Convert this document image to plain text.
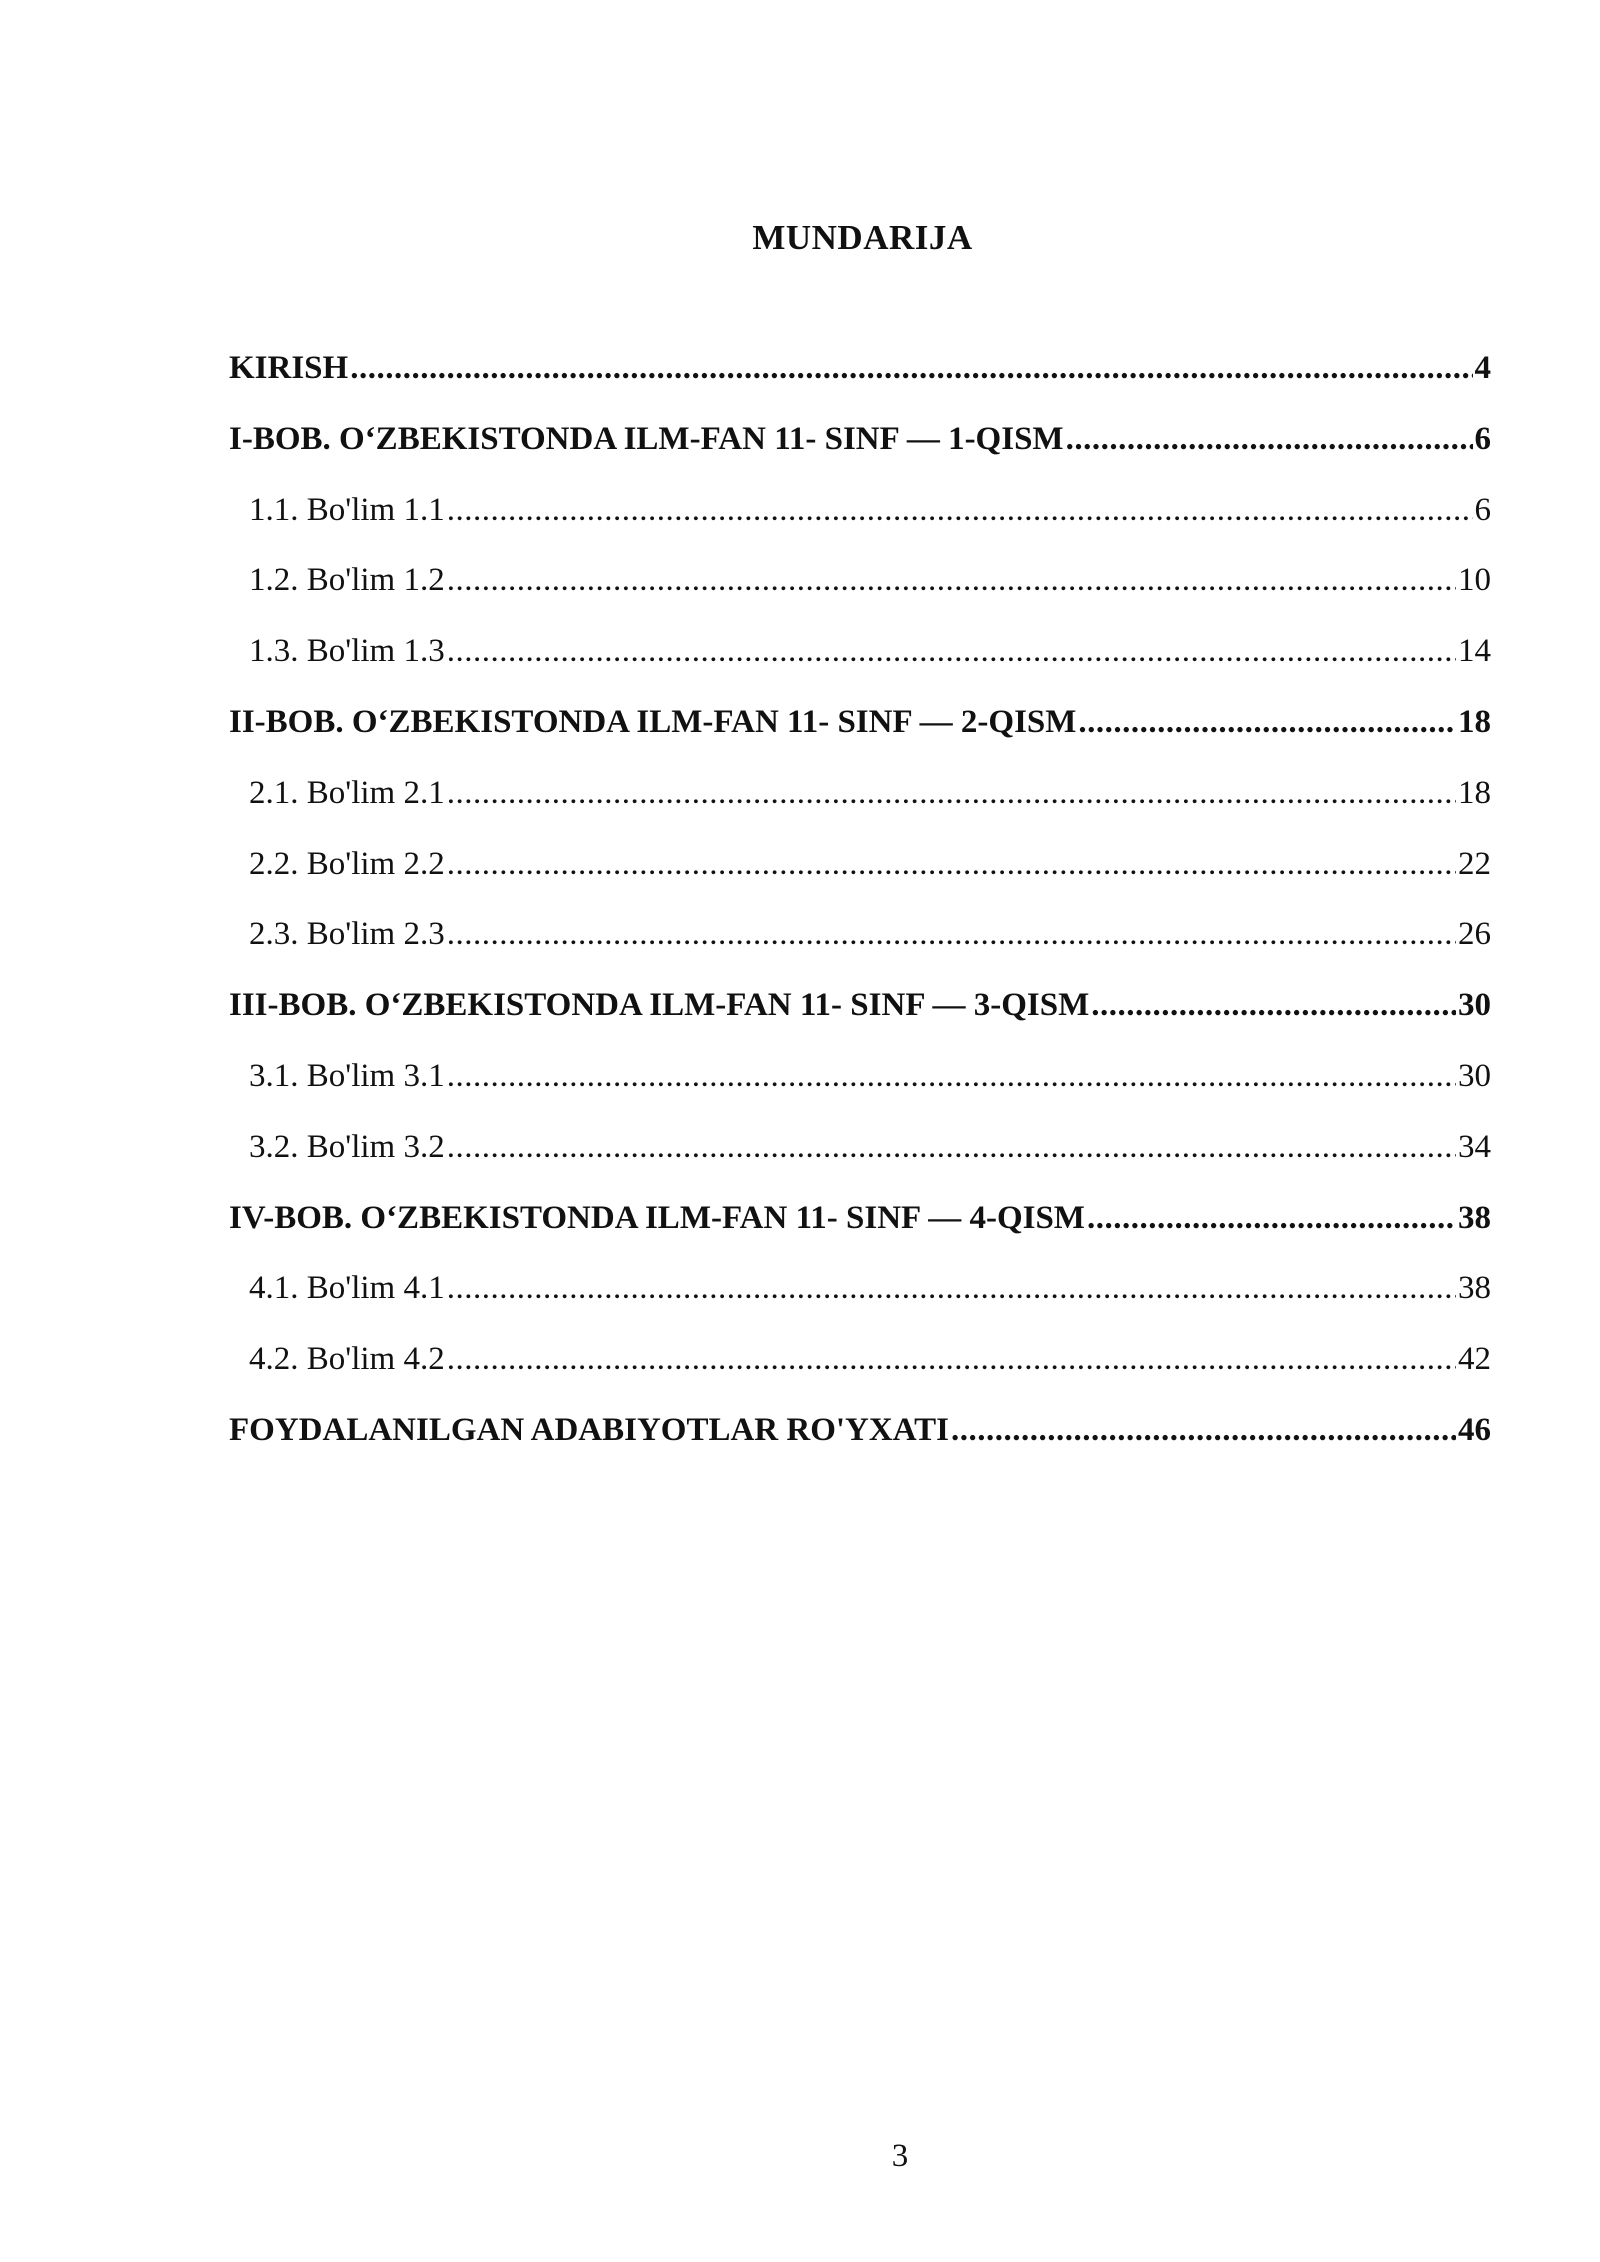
MUNDARIJA
KIRISH .....	4
I-BOB. O‘ZBEKISTONDA ILM-FAN 11- SINF — 1-QISM .....	6
1.1. Bo'lim 1.1 .....	6
1.2. Bo'lim 1.2 .....	10
1.3. Bo'lim 1.3 .....	14
II-BOB. O‘ZBEKISTONDA ILM-FAN 11- SINF — 2-QISM .....	18
2.1. Bo'lim 2.1 .....	18
2.2. Bo'lim 2.2 .....	22
2.3. Bo'lim 2.3 .....	26
III-BOB. O‘ZBEKISTONDA ILM-FAN 11- SINF — 3-QISM .....	30
3.1. Bo'lim 3.1 .....	30
3.2. Bo'lim 3.2 .....	34
IV-BOB. O‘ZBEKISTONDA ILM-FAN 11- SINF — 4-QISM .....	38
4.1. Bo'lim 4.1 .....	38
4.2. Bo'lim 4.2 .....	42
FOYDALANILGAN ADABIYOTLAR RO'YXATI .....	46
3
